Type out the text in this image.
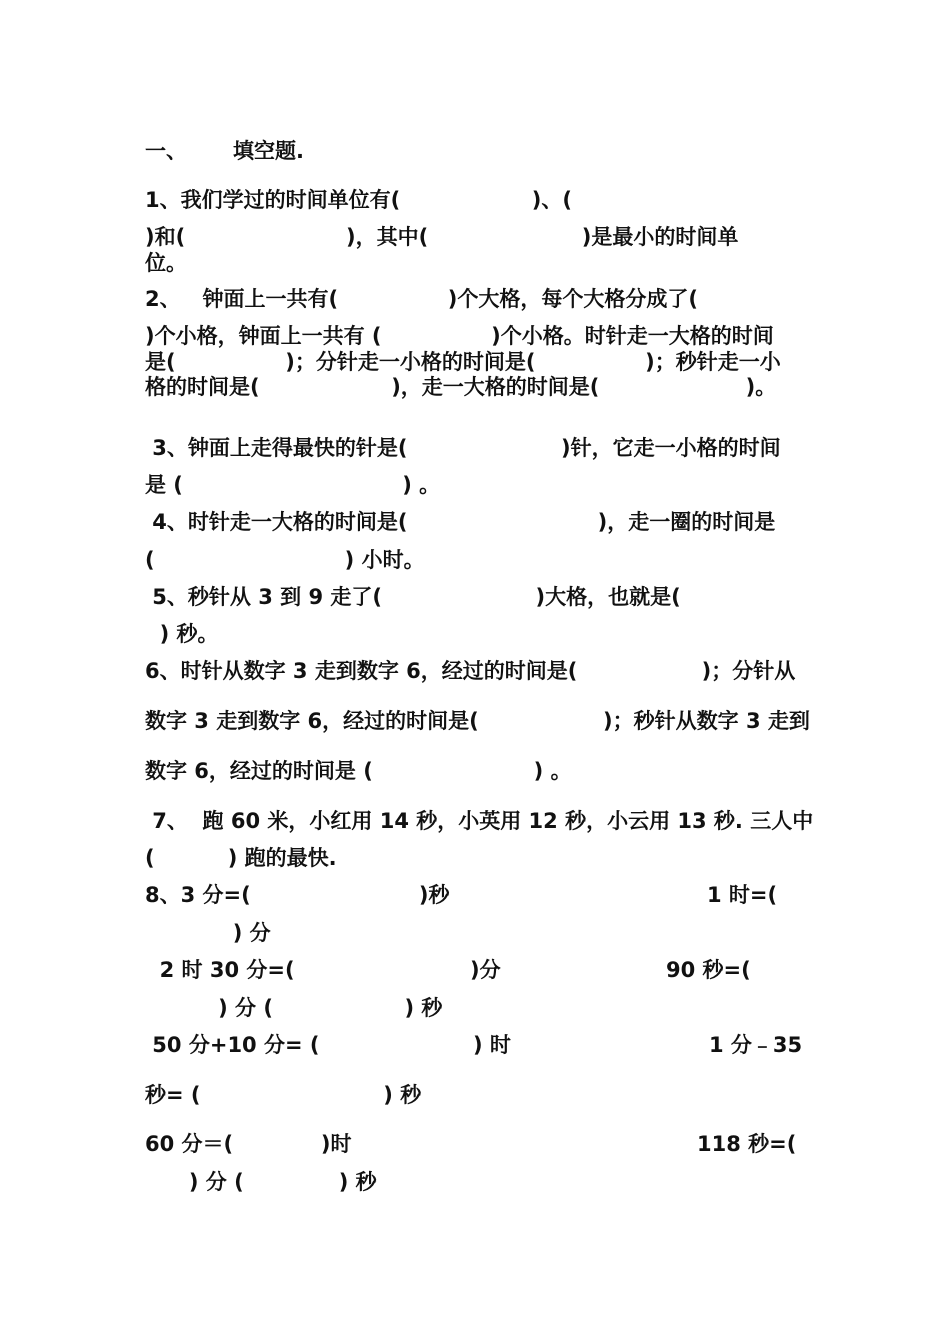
一、 填空题.

1、我们学过的时间单位有(                  )、(

)和(                      )，其中(                     )是最小的时间单

位。

2、   钟面上一共有(               )个大格，每个大格分成了(

)个小格，钟面上一共有 (               )个小格。时针走一大格的时间

是(               )；分针走一小格的时间是(               )；秒针走一小

格的时间是(                  )，走一大格的时间是(                    )。

3、钟面上走得最快的针是(                     )针，它走一小格的时间

是 (                              ) 。

4、时针走一大格的时间是(                          )，走一圈的时间是

(                          ) 小时。

5、秒针从 3 到 9 走了(                     )大格，也就是(

) 秒。

6、时针从数字 3 走到数字 6，经过的时间是(                 )；分针从

数字 3 走到数字 6，经过的时间是(                 )；秒针从数字 3 走到

数字 6，经过的时间是 (                      ) 。

7、  跑 60 米，小红用 14 秒，小英用 12 秒，小云用 13 秒. 三人中

(          ) 跑的最快.

8、3 分=(                       )秒	1 时=(

) 分

2 时 30 分=(                        )分	90 秒=(

) 分 (                  ) 秒

50 分+10 分= (                     ) 时	1 分﹣35

秒= (                         ) 秒

60 分＝(            )时	118 秒=(

) 分 (             ) 秒
